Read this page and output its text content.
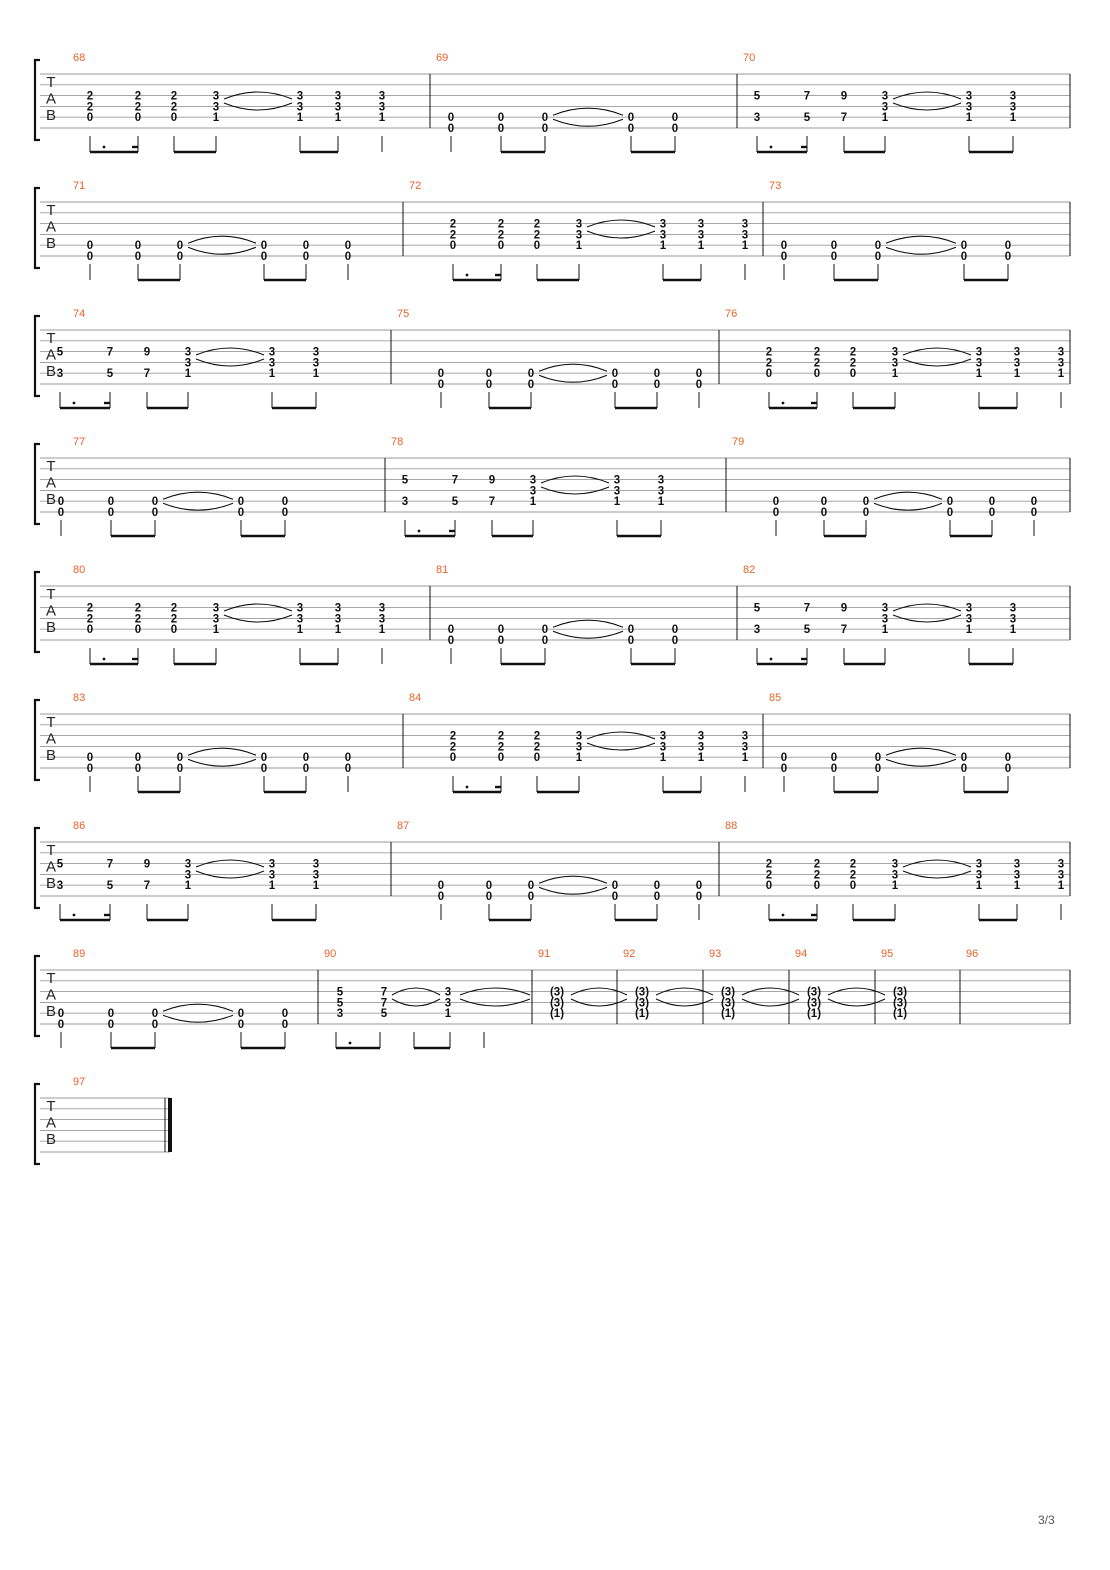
T
A
B
68
2
2
0
2
2
0
2
2
0
3
3
1
3
3
1
3
3
1
3
3
1
69
0
0
0
0
0
0
0
0
0
0
70
5
3
7
5
9
7
3
3
1
3
3
1
3
3
1
T
A
B
71
0
0
0
0
0
0
0
0
0
0
0
0
72
2
2
0
2
2
0
2
2
0
3
3
1
3
3
1
3
3
1
3
3
1
73
0
0
0
0
0
0
0
0
0
0
T
A
B
74
5
3
7
5
9
7
3
3
1
3
3
1
3
3
1
75
0
0
0
0
0
0
0
0
0
0
0
0
76
2
2
0
2
2
0
2
2
0
3
3
1
3
3
1
3
3
1
3
3
1
T
A
B
77
0
0
0
0
0
0
0
0
0
0
78
5
3
7
5
9
7
3
3
1
3
3
1
3
3
1
79
0
0
0
0
0
0
0
0
0
0
0
0
T
A
B
80
2
2
0
2
2
0
2
2
0
3
3
1
3
3
1
3
3
1
3
3
1
81
0
0
0
0
0
0
0
0
0
0
82
5
3
7
5
9
7
3
3
1
3
3
1
3
3
1
T
A
B
83
0
0
0
0
0
0
0
0
0
0
0
0
84
2
2
0
2
2
0
2
2
0
3
3
1
3
3
1
3
3
1
3
3
1
85
0
0
0
0
0
0
0
0
0
0
T
A
B
86
5
3
7
5
9
7
3
3
1
3
3
1
3
3
1
87
0
0
0
0
0
0
0
0
0
0
0
0
88
2
2
0
2
2
0
2
2
0
3
3
1
3
3
1
3
3
1
3
3
1
T
A
B
89
0
0
0
0
0
0
0
0
0
0
90
5
5
3
7
7
5
3
3
1
91
(3)
(3)
(1)
92
(3)
(3)
(1)
93
(3)
(3)
(1)
94
(3)
(3)
(1)
95
(3)
(3)
(1)
96
T
A
B
97
3/3
